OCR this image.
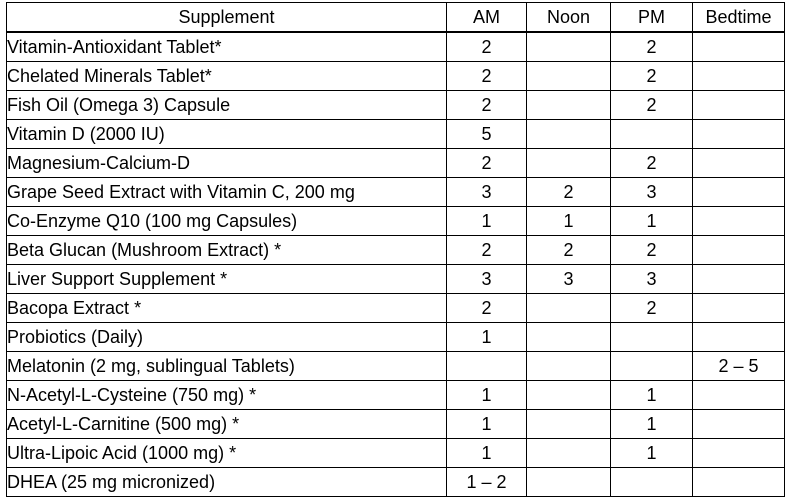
Supplement	AM	Noon	PM	Bedtime
Vitamin-Antioxidant Tablet*	2		2	
Chelated Minerals Tablet*	2		2	
Fish Oil (Omega 3) Capsule	2		2	
Vitamin D (2000 IU)	5			
Magnesium-Calcium-D	2		2	
Grape Seed Extract with Vitamin C, 200 mg	3	2	3	
Co-Enzyme Q10 (100 mg Capsules)	1	1	1	
Beta Glucan (Mushroom Extract) *	2	2	2	
Liver Support Supplement *	3	3	3	
Bacopa Extract *	2		2	
Probiotics (Daily)	1			
Melatonin (2 mg, sublingual Tablets)				2 – 5
N-Acetyl-L-Cysteine (750 mg) *	1		1	
Acetyl-L-Carnitine (500 mg) *	1		1	
Ultra-Lipoic Acid (1000 mg) *	1		1	
DHEA (25 mg micronized)	1 – 2			
